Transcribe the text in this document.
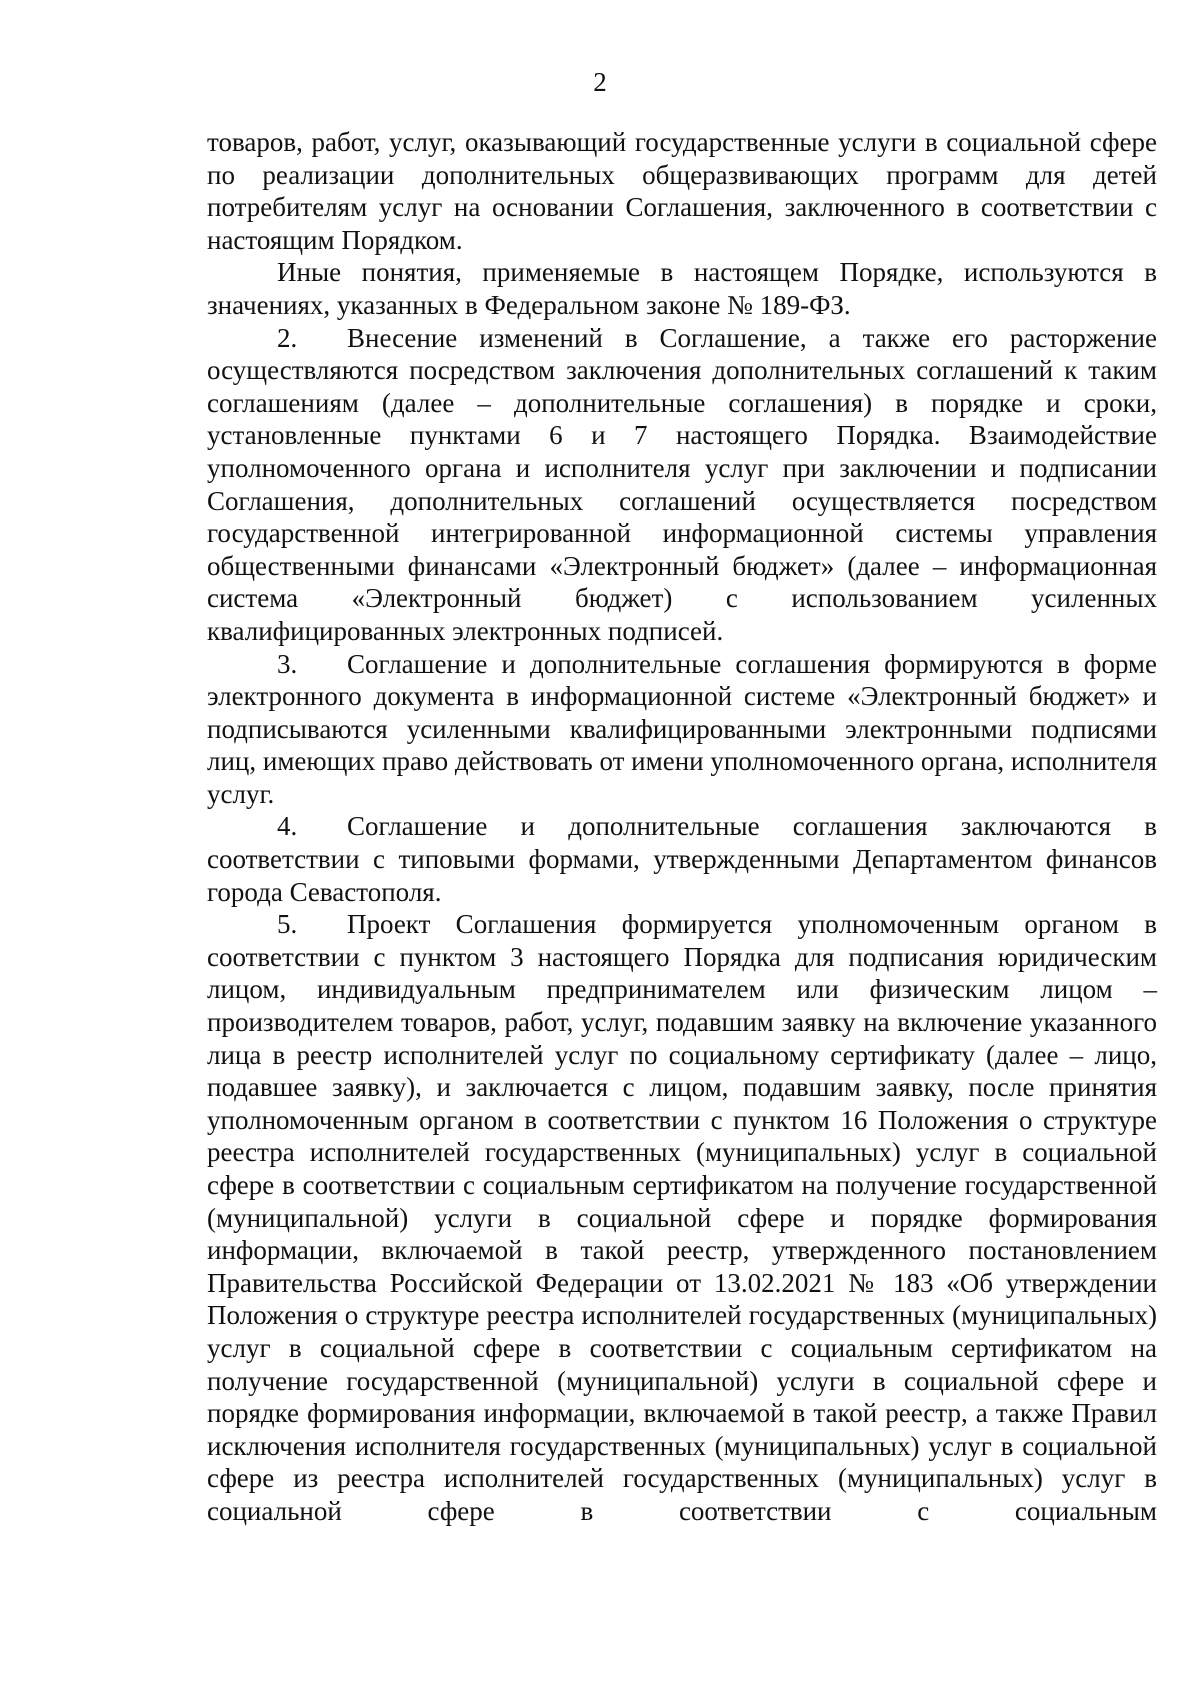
2

товаров, работ, услуг, оказывающий государственные услуги в социальной сфере по реализации дополнительных общеразвивающих программ для детей потребителям услуг на основании Соглашения, заключенного в соответствии с настоящим Порядком.

Иные понятия, применяемые в настоящем Порядке, используются в значениях, указанных в Федеральном законе № 189-ФЗ.

2. Внесение изменений в Соглашение, а также его расторжение осуществляются посредством заключения дополнительных соглашений к таким соглашениям (далее – дополнительные соглашения) в порядке и сроки, установленные пунктами 6 и 7 настоящего Порядка. Взаимодействие уполномоченного органа и исполнителя услуг при заключении и подписании Соглашения, дополнительных соглашений осуществляется посредством государственной интегрированной информационной системы управления общественными финансами «Электронный бюджет» (далее – информационная система «Электронный бюджет) с использованием усиленных квалифицированных электронных подписей.

3. Соглашение и дополнительные соглашения формируются в форме электронного документа в информационной системе «Электронный бюджет» и подписываются усиленными квалифицированными электронными подписями лиц, имеющих право действовать от имени уполномоченного органа, исполнителя услуг.

4. Соглашение и дополнительные соглашения заключаются в соответствии с типовыми формами, утвержденными Департаментом финансов города Севастополя.

5. Проект Соглашения формируется уполномоченным органом в соответствии с пунктом 3 настоящего Порядка для подписания юридическим лицом, индивидуальным предпринимателем или физическим лицом – производителем товаров, работ, услуг, подавшим заявку на включение указанного лица в реестр исполнителей услуг по социальному сертификату (далее – лицо, подавшее заявку), и заключается с лицом, подавшим заявку, после принятия уполномоченным органом в соответствии с пунктом 16 Положения о структуре реестра исполнителей государственных (муниципальных) услуг в социальной сфере в соответствии с социальным сертификатом на получение государственной (муниципальной) услуги в социальной сфере и порядке формирования информации, включаемой в такой реестр, утвержденного постановлением Правительства Российской Федерации от 13.02.2021 № 183 «Об утверждении Положения о структуре реестра исполнителей государственных (муниципальных) услуг в социальной сфере в соответствии с социальным сертификатом на получение государственной (муниципальной) услуги в социальной сфере и порядке формирования информации, включаемой в такой реестр, а также Правил исключения исполнителя государственных (муниципальных) услуг в социальной сфере из реестра исполнителей государственных (муниципальных) услуг в социальной сфере в соответствии с социальным
